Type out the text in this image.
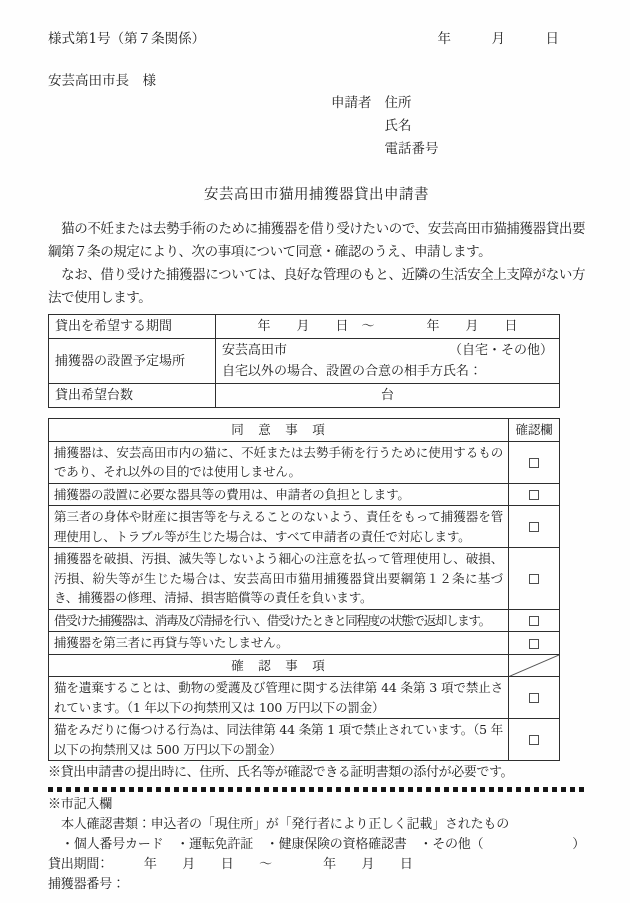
様式第1号（第７条関係）	年　　　月　　　日
安芸高田市長　様
申請者 住所
氏名
電話番号
安芸高田市猫用捕獲器貸出申請書

　猫の不妊または去勢手術のために捕獲器を借り受けたいので、安芸高田市猫捕獲器貸出要綱第７条の規定により、次の事項について同意・確認のうえ、申請します。

　なお、借り受けた捕獲器については、良好な管理のもと、近隣の生活安全上支障がない方法で使用します。

貸出を希望する期間	年　　月　　日　～　　　　年　　月　　日
捕獲器の設置予定場所	安芸高田市 （自宅・その他）
自宅以外の場合、設置の合意の相手方氏名：

貸出希望台数	台
同　意　事　項	確認欄
捕獲器は、安芸高田市内の猫に、不妊または去勢手術を行うために使用するものであり、それ以外の目的では使用しません。	
捕獲器の設置に必要な器具等の費用は、申請者の負担とします。	
第三者の身体や財産に損害等を与えることのないよう、責任をもって捕獲器を管理使用し、トラブル等が生じた場合は、すべて申請者の責任で対応します。	
捕獲器を破損、汚損、滅失等しないよう細心の注意を払って管理使用し、破損、汚損、紛失等が生じた場合は、安芸高田市猫用捕獲器貸出要綱第１２条に基づき、捕獲器の修理、清掃、損害賠償等の責任を負います。	
借受けた捕獲器は、消毒及び清掃を行い、借受けたときと同程度の状態で返却します。	
捕獲器を第三者に再貸与等いたしません。	
確　認　事　項	

猫を遺棄することは、動物の愛護及び管理に関する法律第 44 条第 3 項で禁止されています。（1 年以下の拘禁刑又は 100 万円以下の罰金）	
猫をみだりに傷つける行為は、同法律第 44 条第 1 項で禁止されています。（5 年以下の拘禁刑又は 500 万円以下の罰金）	
※貸出申請書の提出時に、住所、氏名等が確認できる証明書類の添付が必要です。
※市記入欄
本人確認書類：申込者の「現住所」が「発行者により正しく記載」されたもの
・個人番号カード　・運転免許証　・健康保険の資格確認書　・その他（	）
貸出期間：　　　年　　月　　日　　～　　　　年　　月　　日
捕獲器番号：
